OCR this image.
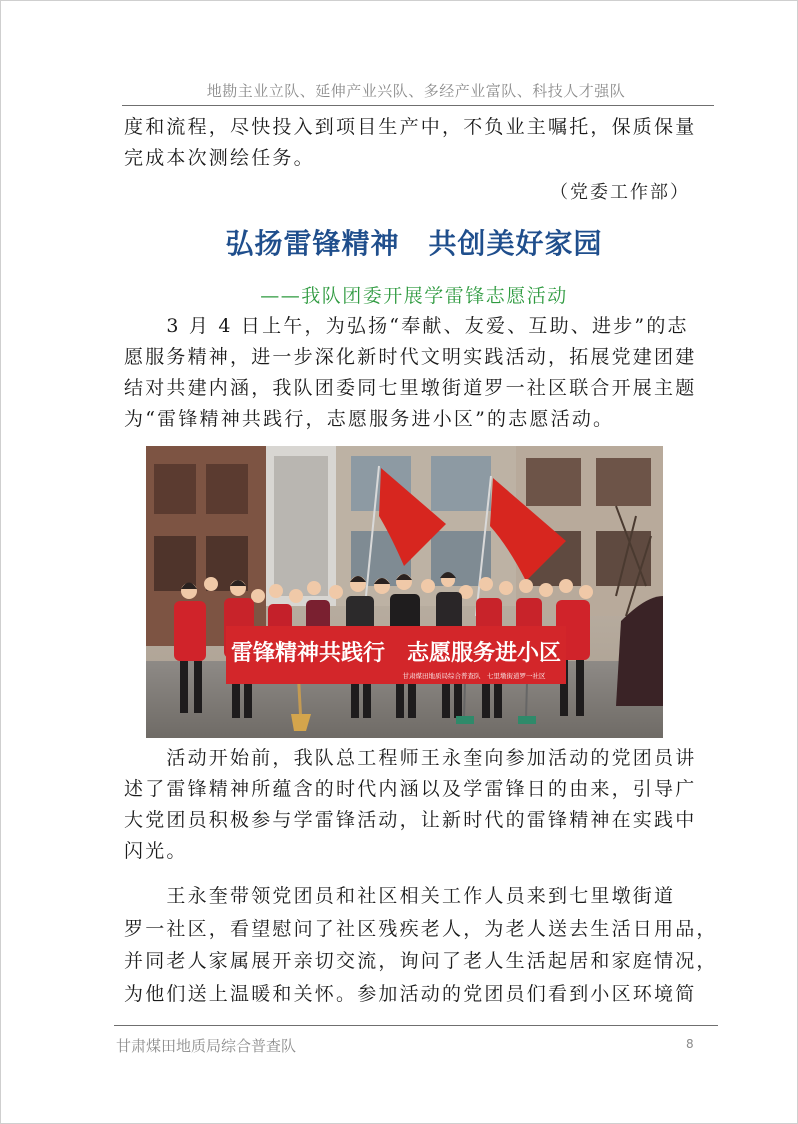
地勘主业立队、延伸产业兴队、多经产业富队、科技人才强队
度和流程，尽快投入到项目生产中，不负业主嘱托，保质保量
完成本次测绘任务。
（党委工作部）
弘扬雷锋精神　共创美好家园
——我队团委开展学雷锋志愿活动
　　3 月 4 日上午，为弘扬“奉献、友爱、互助、进步”的志
愿服务精神，进一步深化新时代文明实践活动，拓展党建团建
结对共建内涵，我队团委同七里墩街道罗一社区联合开展主题
为“雷锋精神共践行，志愿服务进小区”的志愿活动。
雷锋精神共践行　志愿服务进小区
甘肃煤田地质局综合普查队　七里墩街道罗一社区
　　活动开始前，我队总工程师王永奎向参加活动的党团员讲
述了雷锋精神所蕴含的时代内涵以及学雷锋日的由来，引导广
大党团员积极参与学雷锋活动，让新时代的雷锋精神在实践中
闪光。
　　王永奎带领党团员和社区相关工作人员来到七里墩街道
罗一社区，看望慰问了社区残疾老人，为老人送去生活日用品，
并同老人家属展开亲切交流，询问了老人生活起居和家庭情况，
为他们送上温暖和关怀。参加活动的党团员们看到小区环境简
甘肃煤田地质局综合普查队	8
